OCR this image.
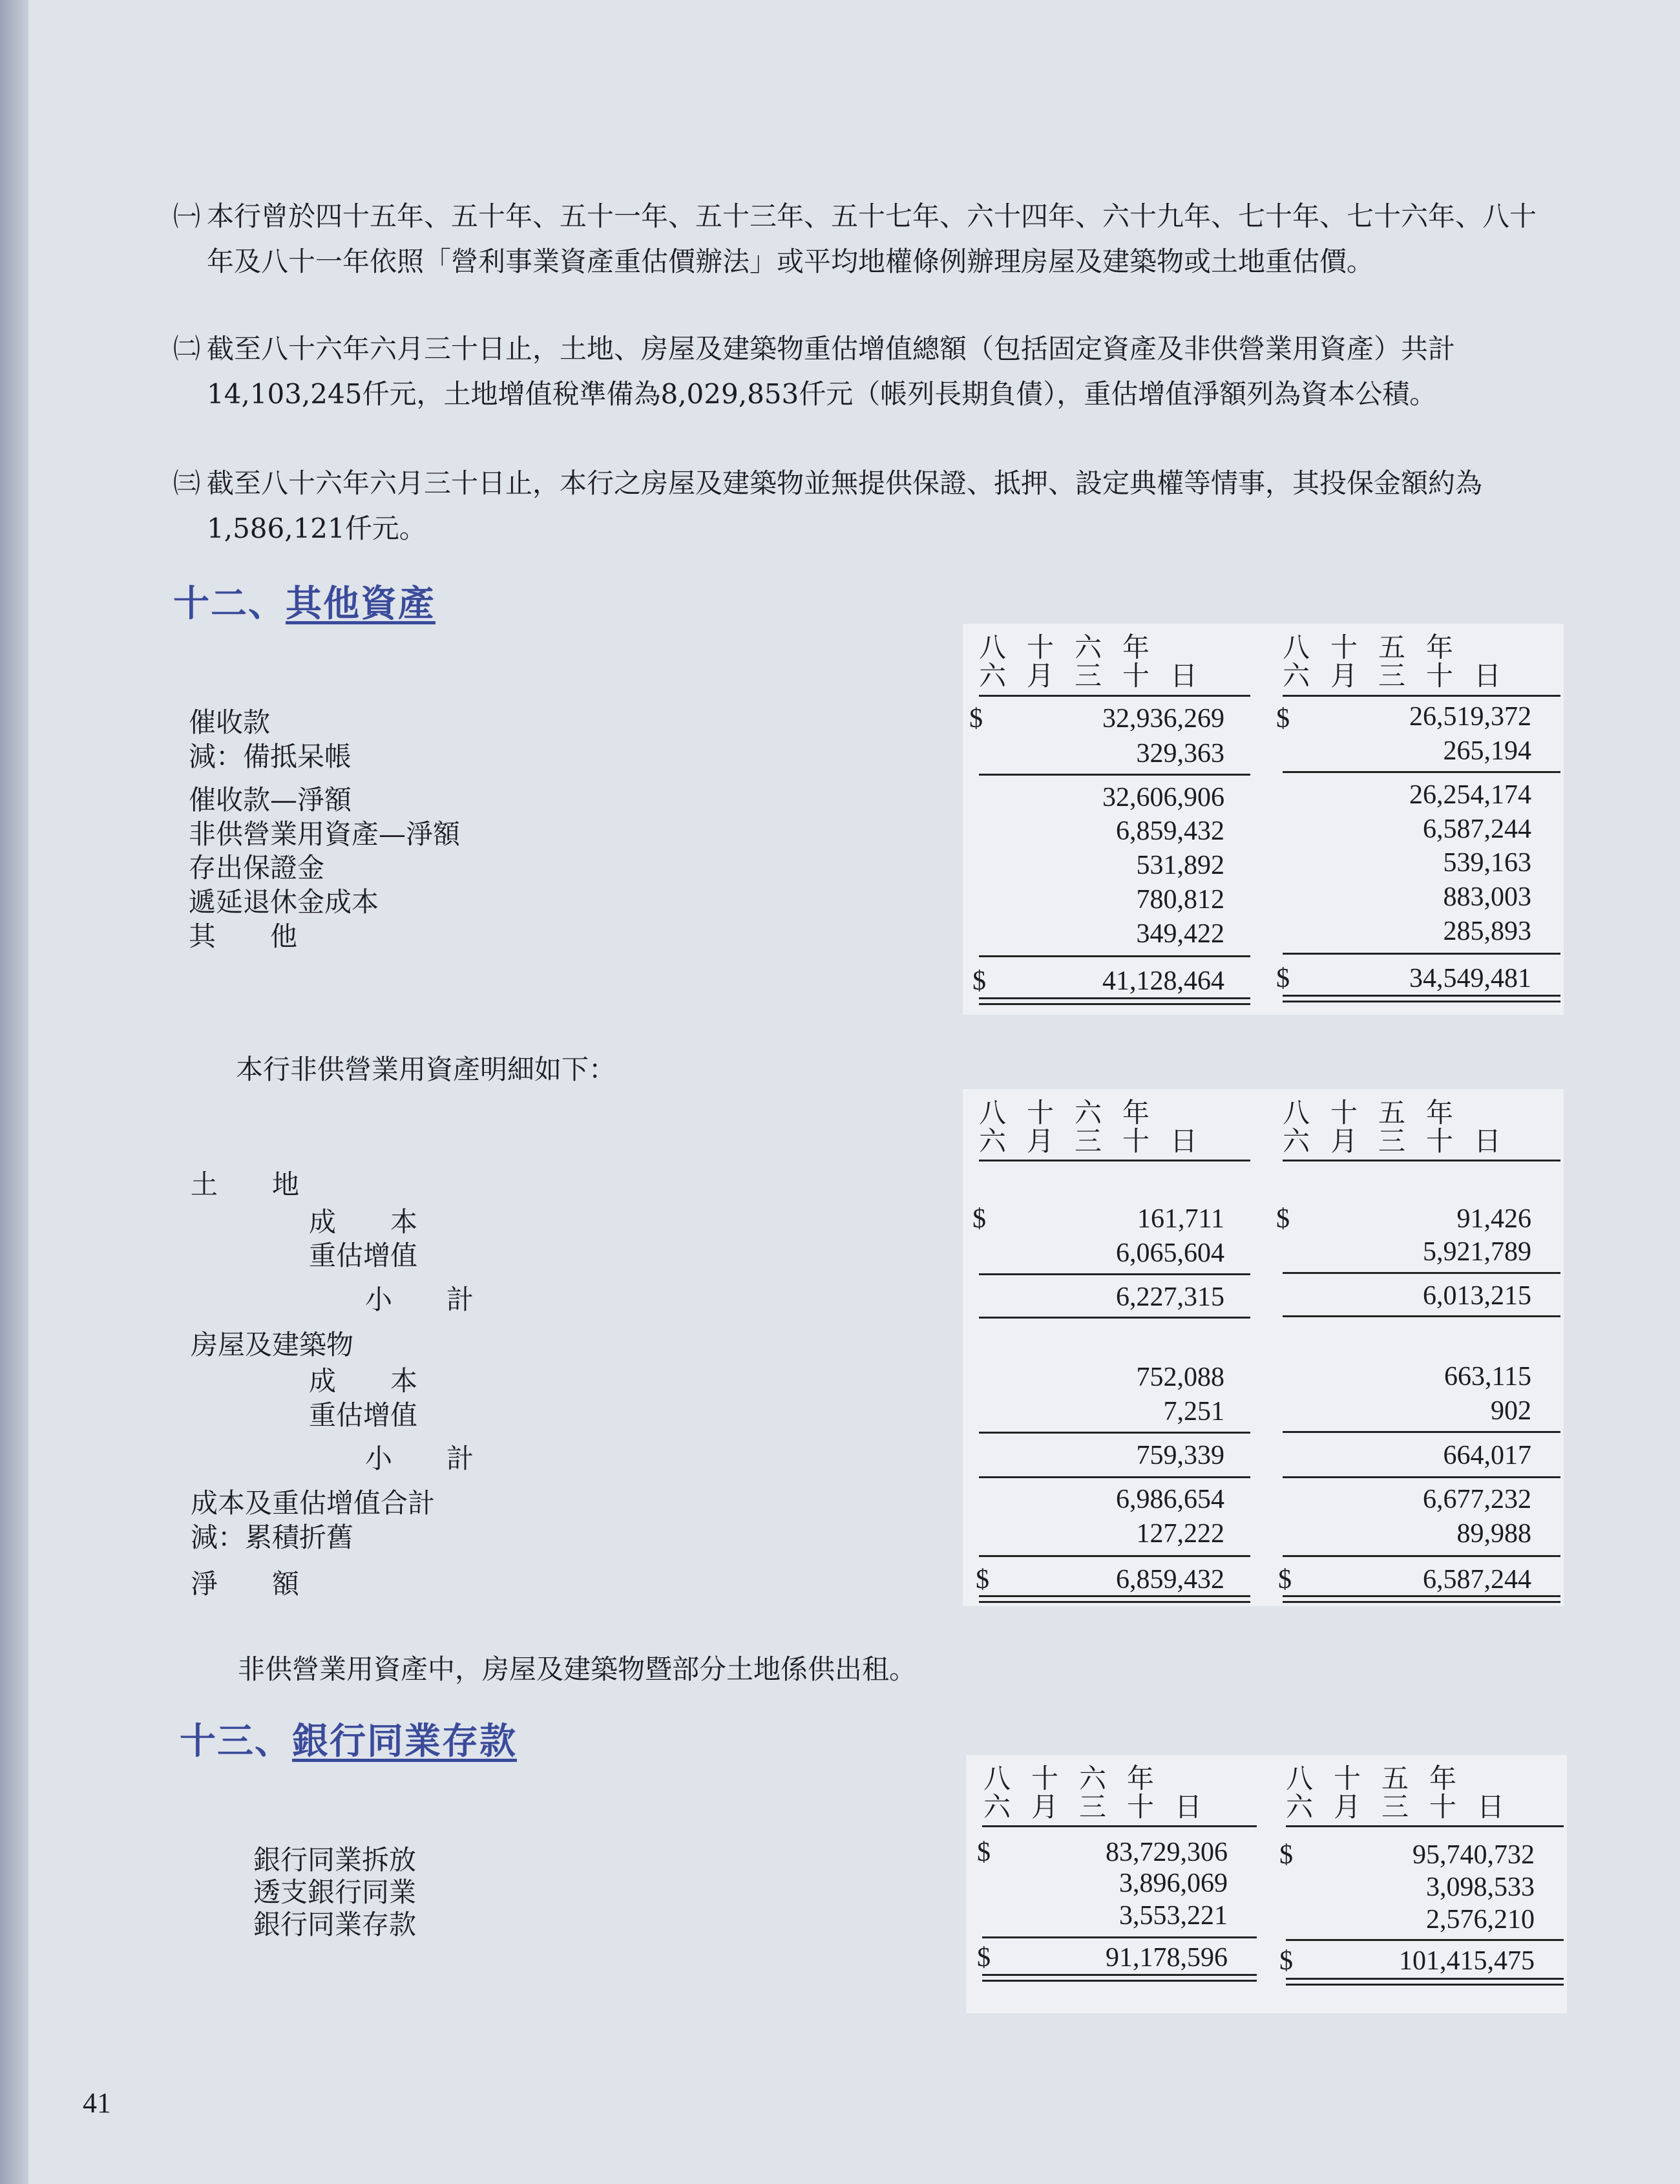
㈠ 本行曾於四十五年、五十年、五十一年、五十三年、五十七年、六十四年、六十九年、七十年、七十六年、八十年及八十一年依照「營利事業資產重估價辦法」或平均地權條例辦理房屋及建築物或土地重估價。
㈡ 截至八十六年六月三十日止，土地、房屋及建築物重估增值總額（包括固定資產及非供營業用資產）共計14,103,245仟元，土地增值稅準備為8,029,853仟元（帳列長期負債），重估增值淨額列為資本公積。
㈢ 截至八十六年六月三十日止，本行之房屋及建築物並無提供保證、抵押、設定典權等情事，其投保金額約為1,586,121仟元。
十二、其他資產
八十六年
六月三十日
八十五年
六月三十日
催收款	$	32,936,269 $	26,519,372
減：備抵呆帳	329,363	265,194
催收款—淨額	32,606,906	26,254,174
非供營業用資產—淨額	6,859,432	6,587,244
存出保證金	531,892	539,163
遞延退休金成本	780,812	883,003
其　　他	349,422	285,893
$	41,128,464 $	34,549,481
本行非供營業用資產明細如下：
八十六年
六月三十日
八十五年
六月三十日
土　　地
成　　本	$	161,711 $	91,426
重估增值	6,065,604	5,921,789
小　　計	6,227,315	6,013,215
房屋及建築物
成　　本	752,088	663,115
重估增值	7,251	902
小　　計	759,339	664,017
成本及重估增值合計	6,986,654	6,677,232
減：累積折舊	127,222	89,988
淨　　額	$	6,859,432 $	6,587,244
非供營業用資產中，房屋及建築物暨部分土地係供出租。
十三、銀行同業存款
八十六年
六月三十日
八十五年
六月三十日
銀行同業拆放	$	83,729,306 $	95,740,732
透支銀行同業	3,896,069	3,098,533
銀行同業存款	3,553,221	2,576,210
$	91,178,596 $	101,415,475
41
